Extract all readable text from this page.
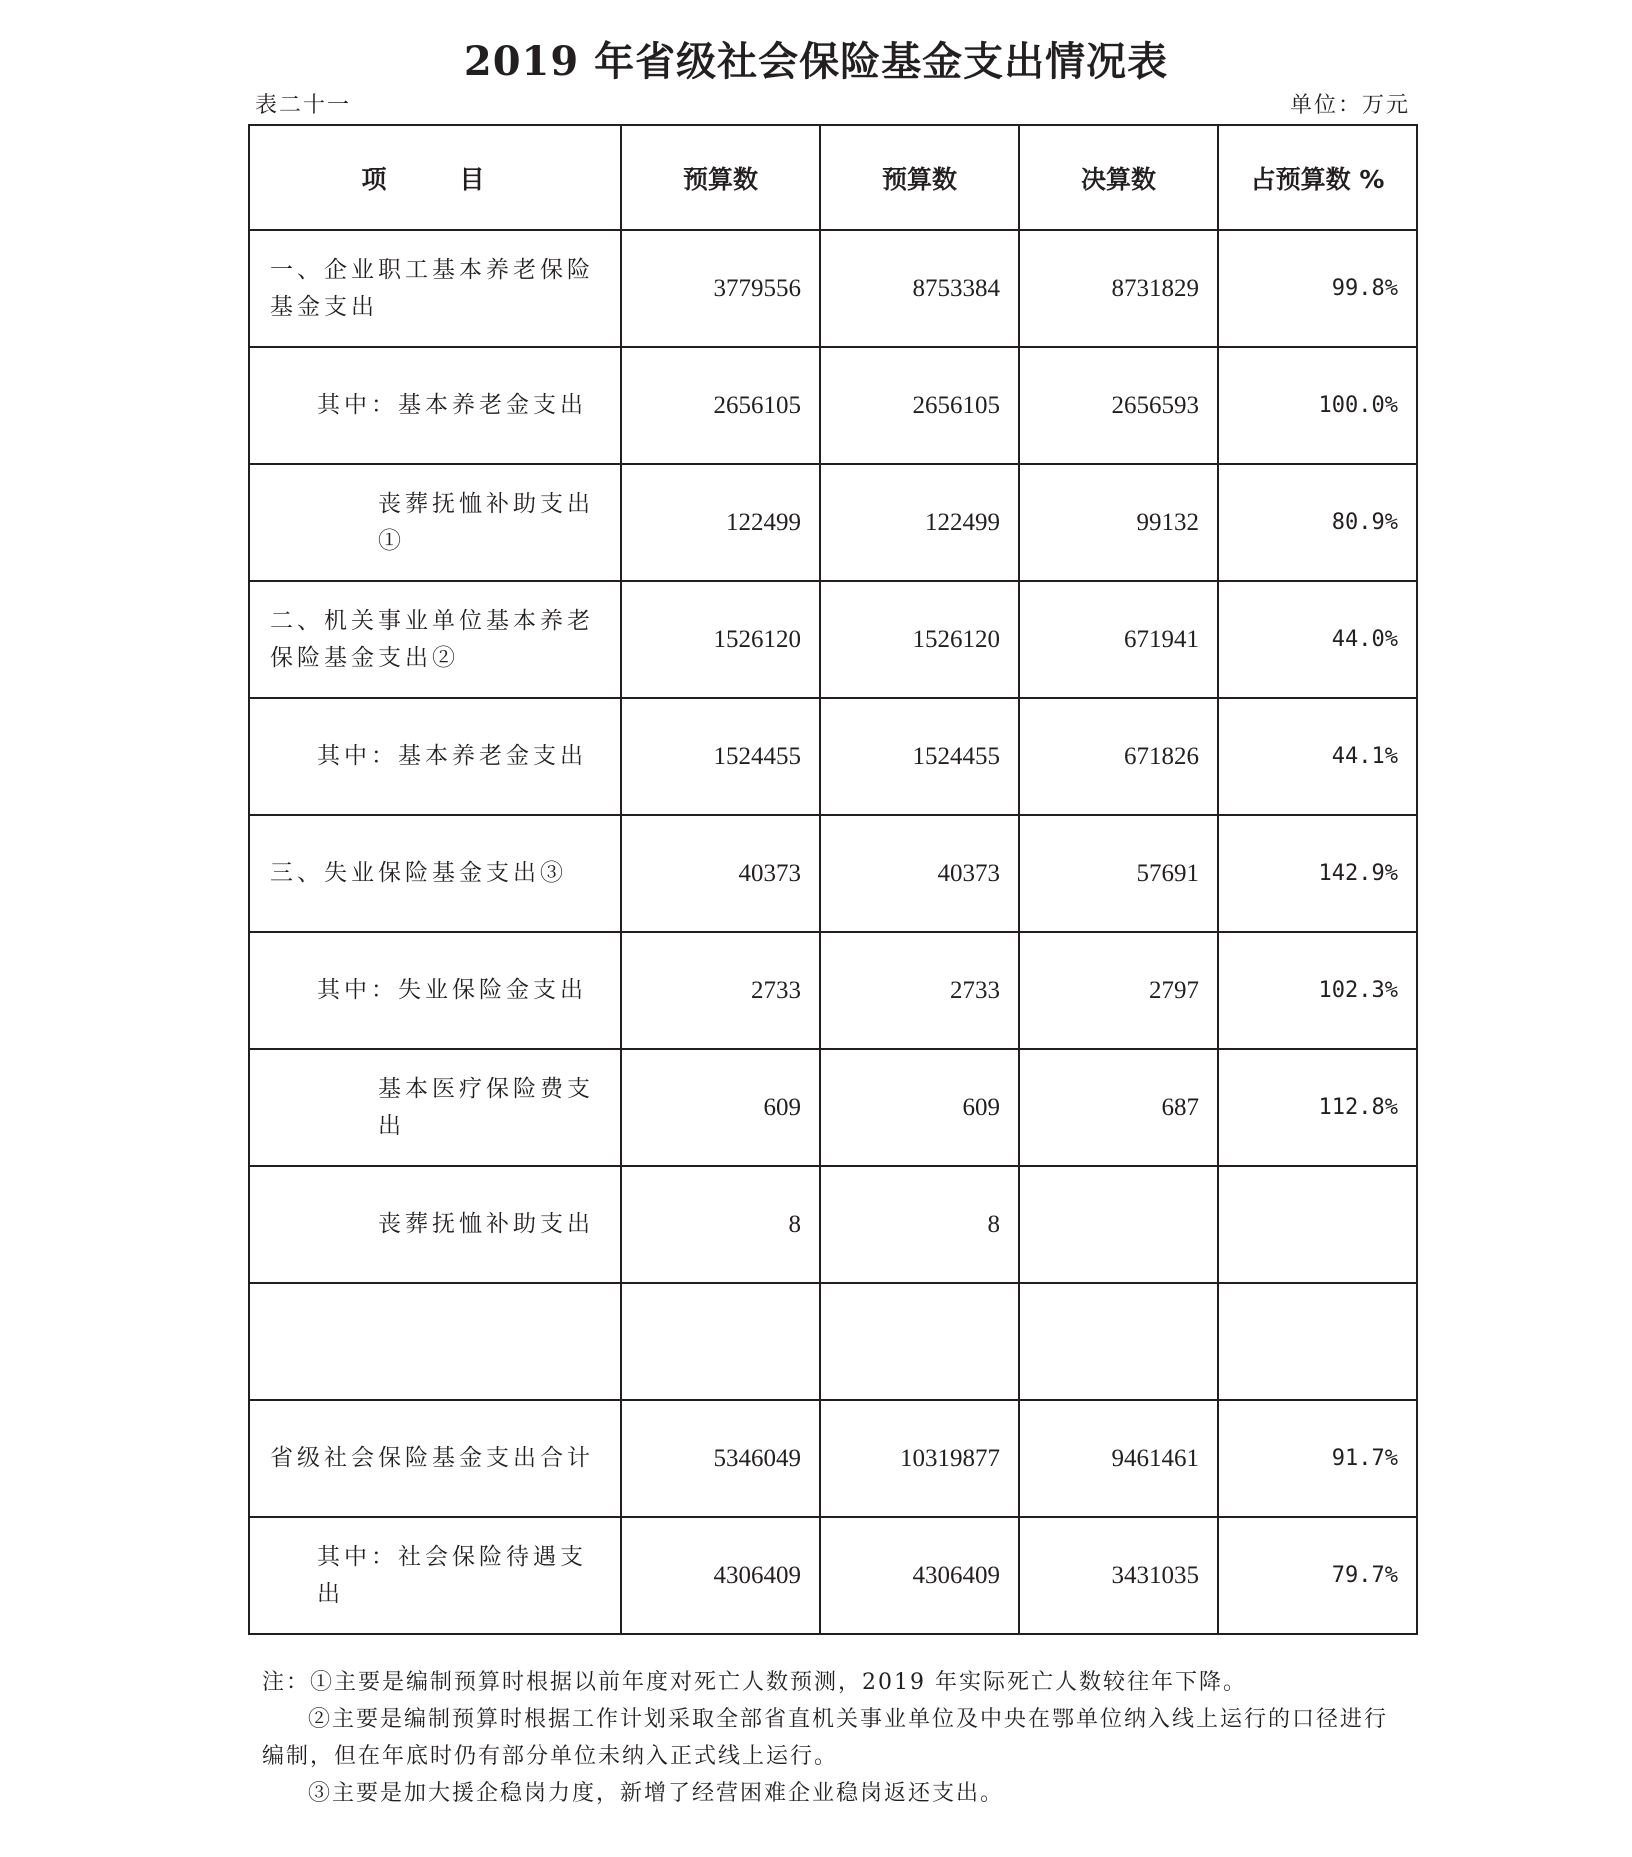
2019 年省级社会保险基金支出情况表
表二十一	单位：万元
项　目	预算数	预算数	决算数	占预算数 %
一、企业职工基本养老保险基金支出	3779556	8753384	8731829	99.8%
其中：基本养老金支出	2656105	2656105	2656593	100.0%
丧葬抚恤补助支出①	122499	122499	99132	80.9%
二、机关事业单位基本养老保险基金支出②	1526120	1526120	671941	44.0%
其中：基本养老金支出	1524455	1524455	671826	44.1%
三、失业保险基金支出③	40373	40373	57691	142.9%
其中：失业保险金支出	2733	2733	2797	102.3%
基本医疗保险费支出	609	609	687	112.8%
丧葬抚恤补助支出	8	8		

省级社会保险基金支出合计	5346049	10319877	9461461	91.7%
其中：社会保险待遇支出	4306409	4306409	3431035	79.7%

注：①主要是编制预算时根据以前年度对死亡人数预测，2019 年实际死亡人数较往年下降。

②主要是编制预算时根据工作计划采取全部省直机关事业单位及中央在鄂单位纳入线上运行的口径进行

编制，但在年底时仍有部分单位未纳入正式线上运行。

③主要是加大援企稳岗力度，新增了经营困难企业稳岗返还支出。
